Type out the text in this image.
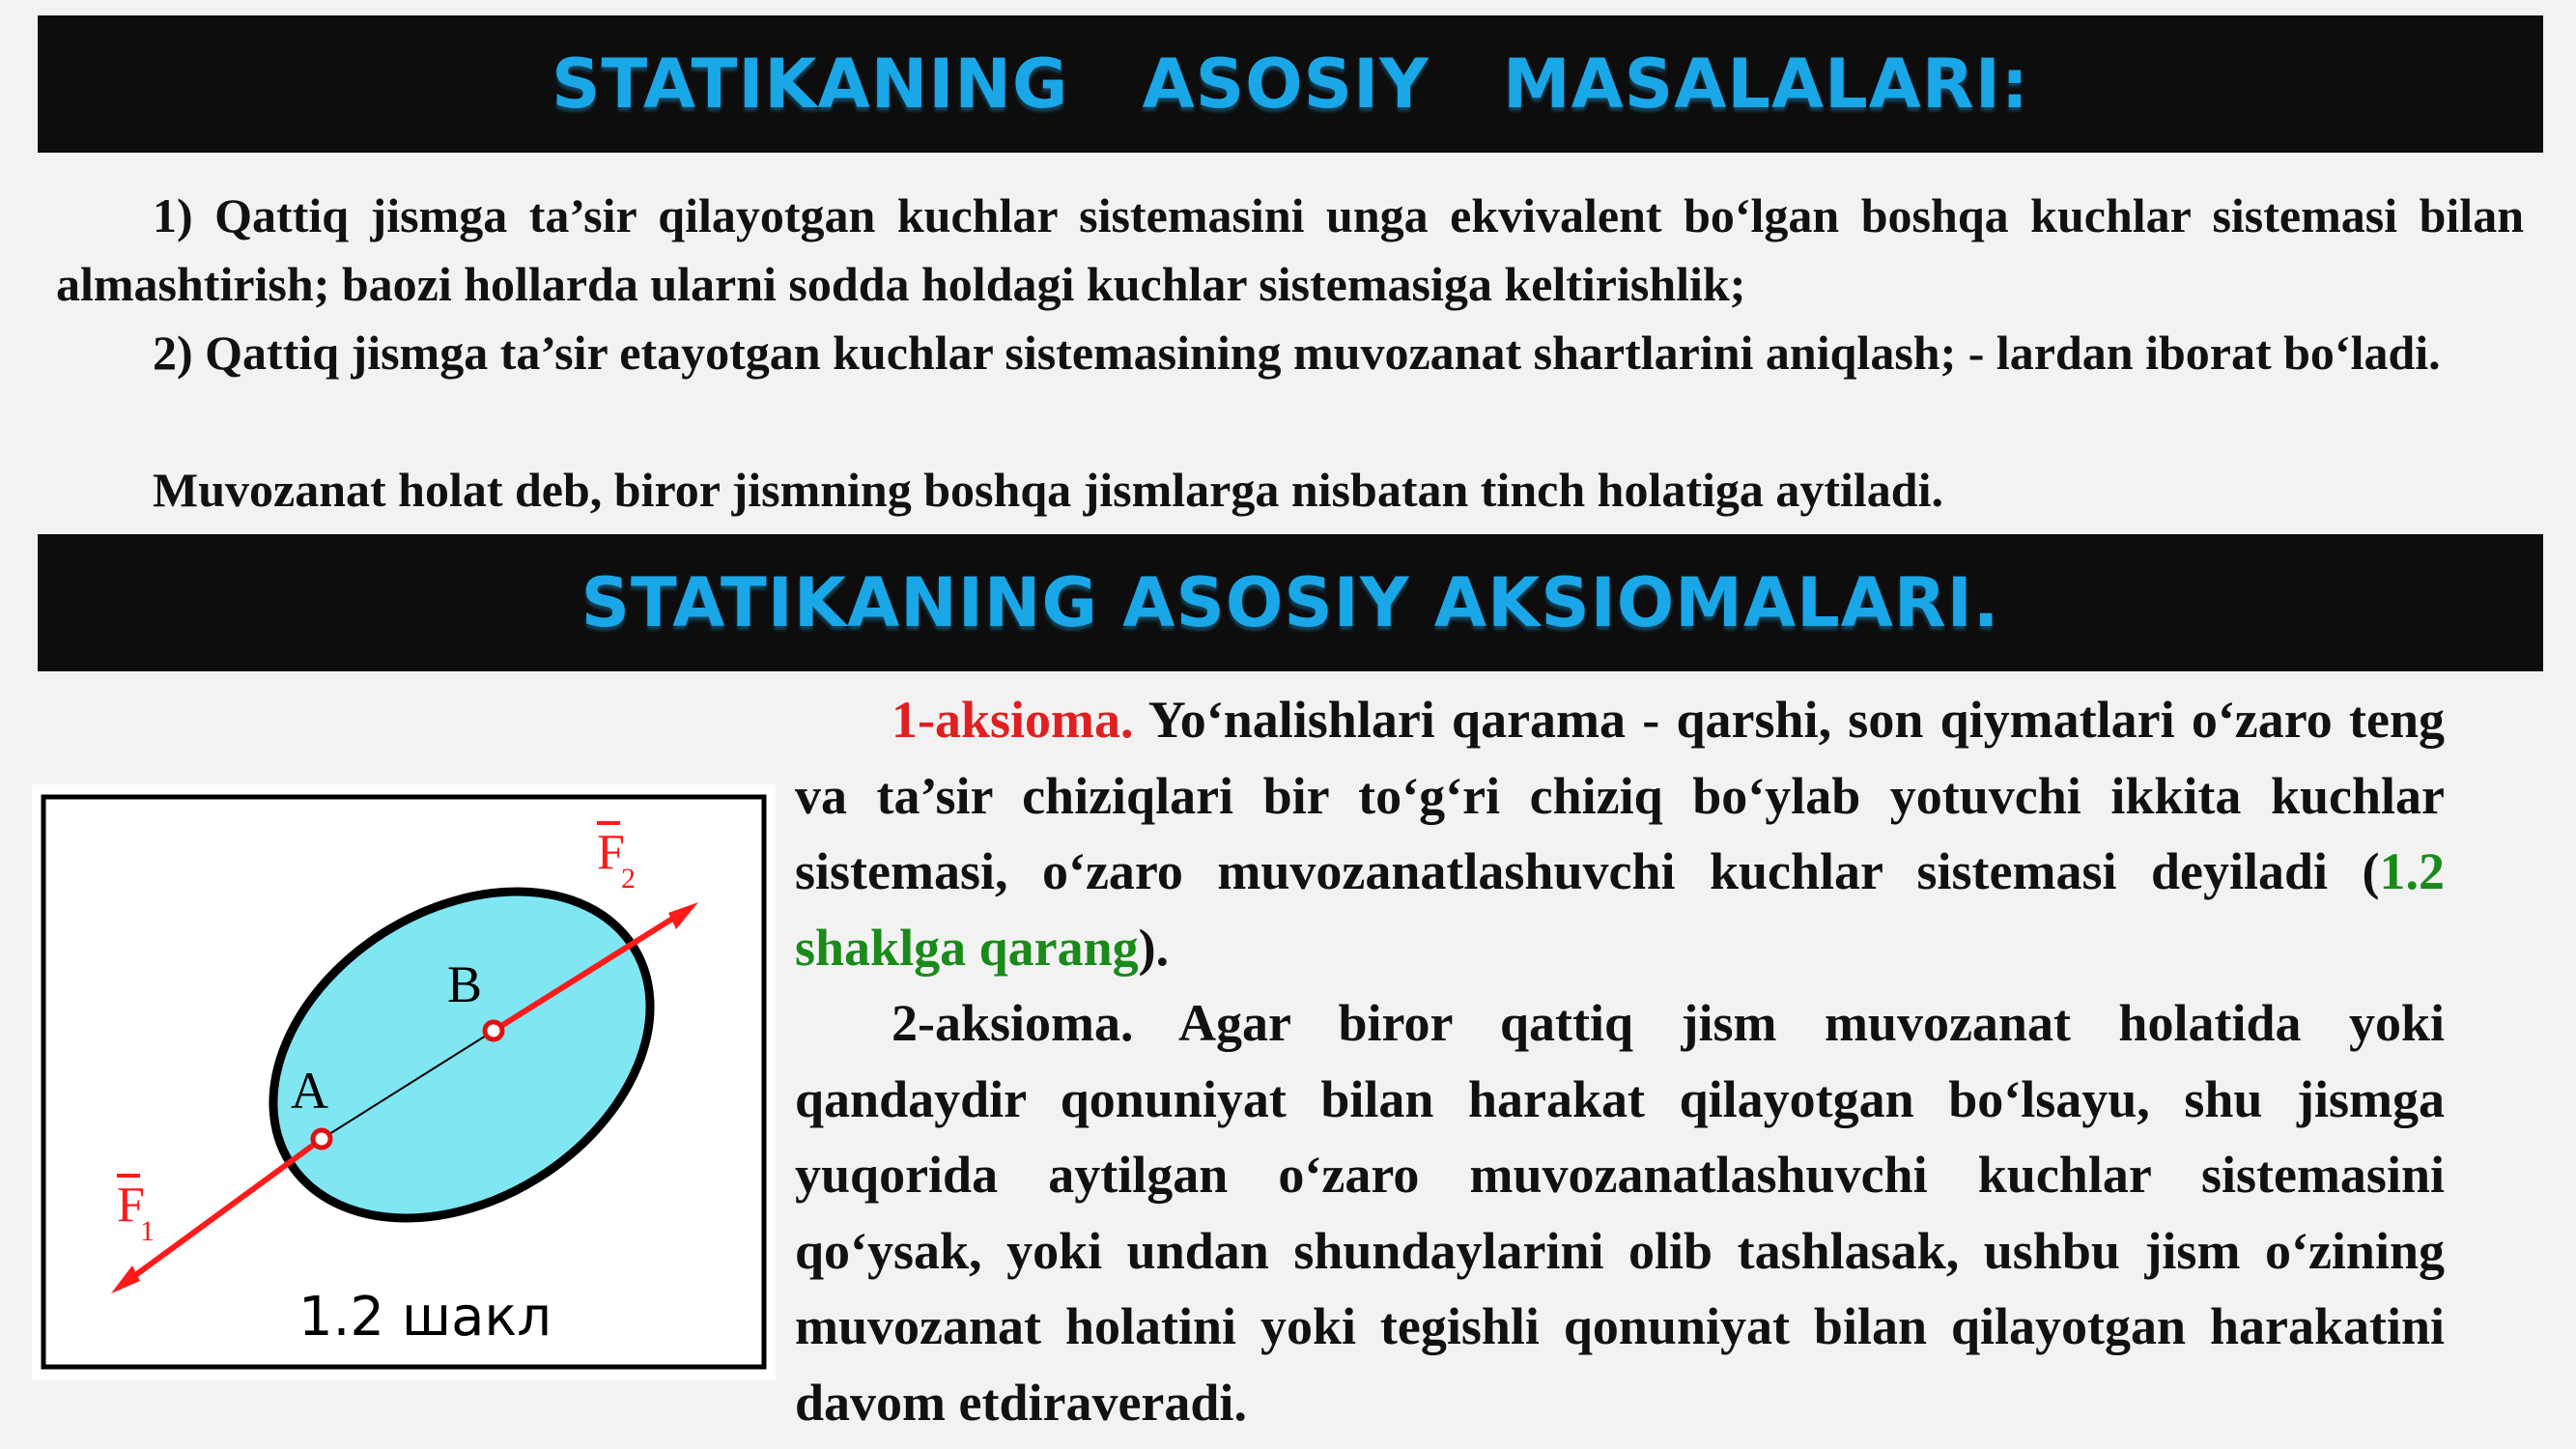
STATIKANING   ASOSIY   MASALALARI:

1) Qattiq jismga ta’sir qilayotgan kuchlar sistemasini unga ekvivalent bo‘lgan boshqa kuchlar sistemasi bilan almashtirish; baozi hollarda ularni sodda holdagi kuchlar sistemasiga keltirishlik;

2) Qattiq jismga ta’sir etayotgan kuchlar sistemasining muvozanat shartlarini aniqlash; - lardan iborat bo‘ladi.

Muvozanat holat deb, biror jismning boshqa jismlarga nisbatan tinch holatiga aytiladi.

STATIKANING ASOSIY AKSIOMALARI.
A
B
F
1
F
2
1.2 шакл

1-aksioma. Yo‘nalishlari qarama - qarshi, son qiymatlari o‘zaro teng va ta’sir chiziqlari bir to‘g‘ri chiziq bo‘ylab yotuvchi ikkita kuchlar sistemasi, o‘zaro muvozanatlashuvchi kuchlar sistemasi deyiladi (1.2 shaklga qarang).

2-aksioma. Agar biror qattiq jism muvozanat holatida yoki qandaydir qonuniyat bilan harakat qilayotgan bo‘lsayu, shu jismga yuqorida aytilgan o‘zaro muvozanatlashuvchi kuchlar sistemasini qo‘ysak, yoki undan shundaylarini olib tashlasak, ushbu jism o‘zining muvozanat holatini yoki tegishli qonuniyat bilan qilayotgan harakatini davom etdiraveradi.
